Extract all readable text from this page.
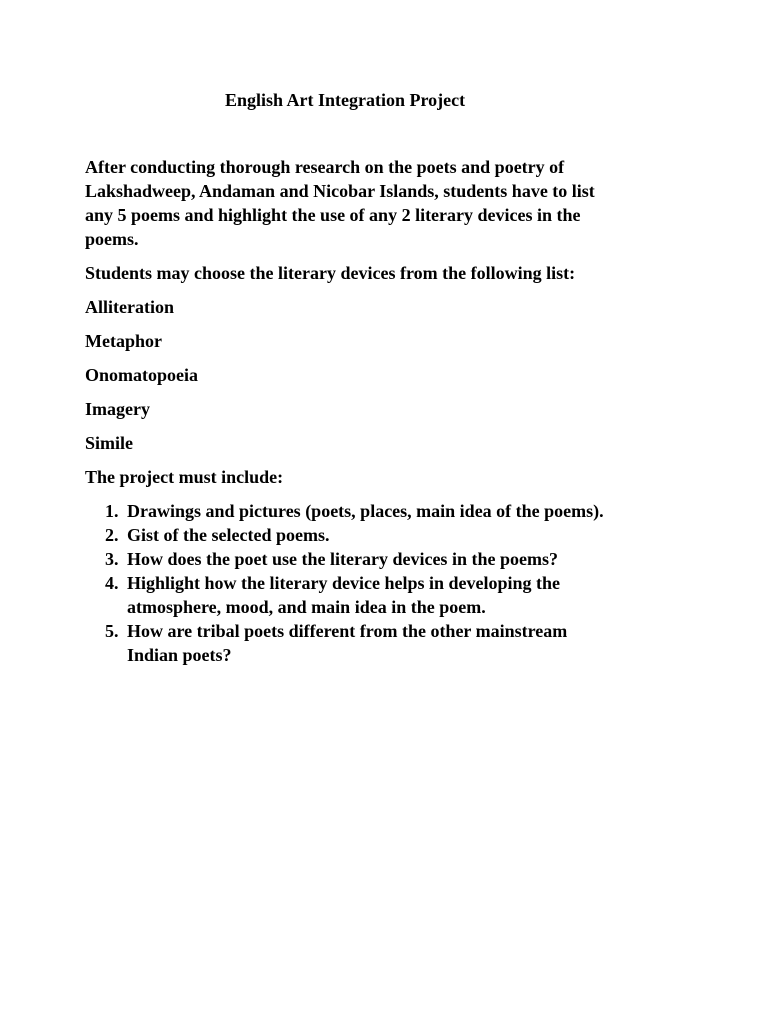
English Art Integration Project

After conducting thorough research on the poets and poetry of Lakshadweep, Andaman and Nicobar Islands, students have to list any 5 poems and highlight the use of any 2 literary devices in the poems.

Students may choose the literary devices from the following list:

Alliteration

Metaphor

Onomatopoeia

Imagery

Simile

The project must include:

1. Drawings and pictures (poets, places, main idea of the poems).
2. Gist of the selected poems.
3. How does the poet use the literary devices in the poems?
4. Highlight how the literary device helps in developing the atmosphere, mood, and main idea in the poem.
5. How are tribal poets different from the other mainstream Indian poets?
